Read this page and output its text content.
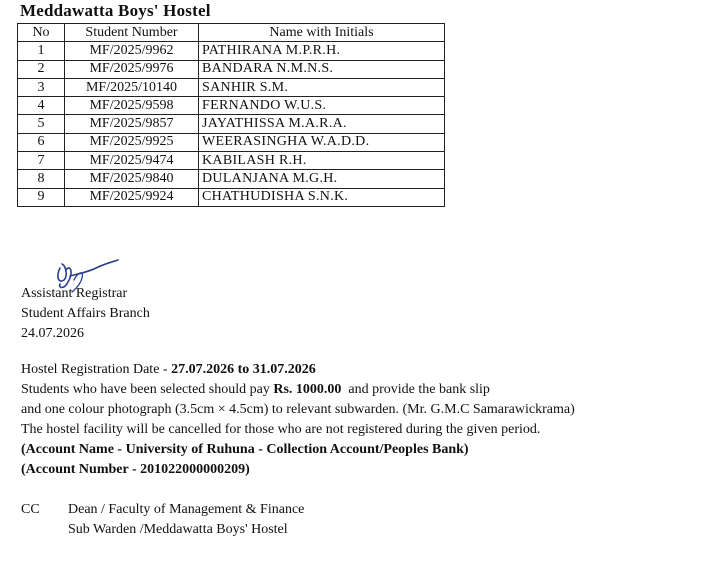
Meddawatta Boys' Hostel
No	Student Number	Name with Initials
1	MF/2025/9962	PATHIRANA M.P.R.H.
2	MF/2025/9976	BANDARA N.M.N.S.
3	MF/2025/10140	SANHIR S.M.
4	MF/2025/9598	FERNANDO W.U.S.
5	MF/2025/9857	JAYATHISSA M.A.R.A.
6	MF/2025/9925	WEERASINGHA W.A.D.D.
7	MF/2025/9474	KABILASH R.H.
8	MF/2025/9840	DULANJANA M.G.H.
9	MF/2025/9924	CHATHUDISHA S.N.K.
Assistant Registrar
Student Affairs Branch
24.07.2026
Hostel Registration Date - 27.07.2026 to 31.07.2026
Students who have been selected should pay Rs. 1000.00  and provide the bank slip
and one colour photograph (3.5cm × 4.5cm) to relevant subwarden. (Mr. G.M.C Samarawickrama)
The hostel facility will be cancelled for those who are not registered during the given period.
(Account Name - University of Ruhuna - Collection Account/Peoples Bank)
(Account Number - 201022000000209)
CC Dean / Faculty of Management & Finance
Sub Warden /Meddawatta Boys' Hostel
